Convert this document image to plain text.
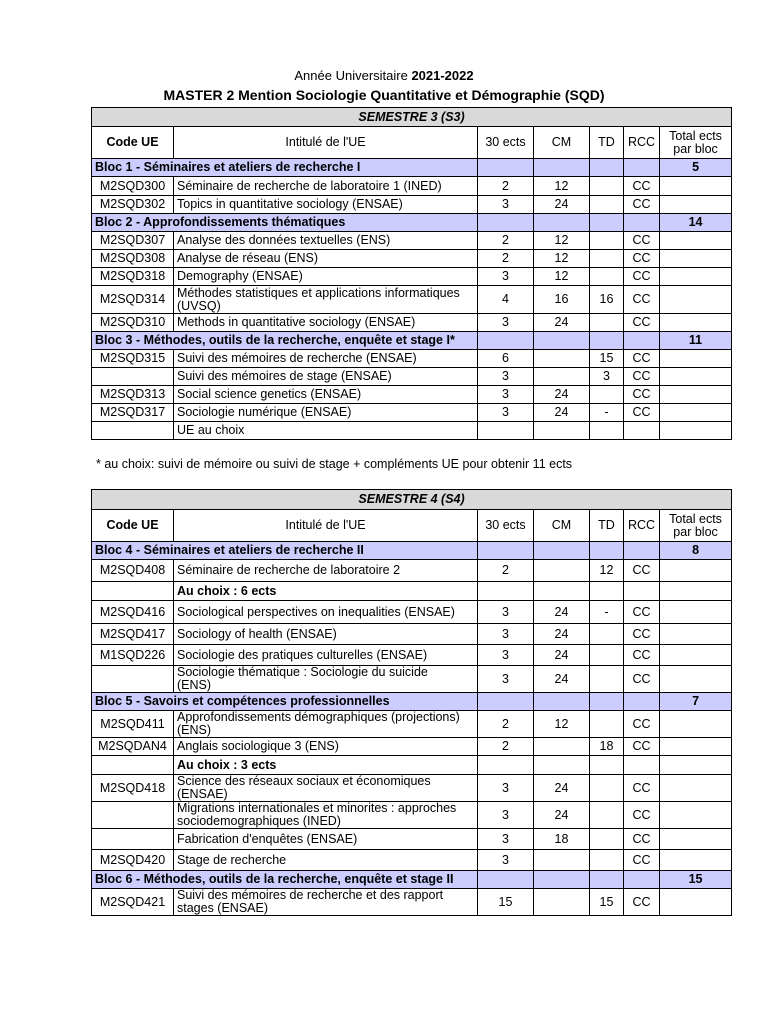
Année Universitaire 2021-2022
MASTER 2 Mention Sociologie Quantitative et Démographie (SQD)
SEMESTRE 3 (S3)						
Code UE	Intitulé de l'UE	30 ects	CM	TD	RCC	Total ects
par bloc

Bloc 1 - Séminaires et ateliers de recherche I						5
M2SQD300	Séminaire de recherche de laboratoire 1 (INED)	2	12		CC	
M2SQD302	Topics in quantitative sociology (ENSAE)	3	24		CC	
Bloc 2 - Approfondissements thématiques						14
M2SQD307	Analyse des données textuelles (ENS)	2	12		CC	
M2SQD308	Analyse de réseau (ENS)	2	12		CC	
M2SQD318	Demography (ENSAE)	3	12		CC	
M2SQD314	Méthodes statistiques et applications informatiques
(UVSQ)	4	16	16	CC	
M2SQD310	Methods in quantitative sociology (ENSAE)	3	24		CC	
Bloc 3 - Méthodes, outils de la recherche, enquête et stage I*						11
M2SQD315	Suivi des mémoires de recherche (ENSAE)	6		15	CC	
	Suivi des mémoires de stage (ENSAE)	3		3	CC	
M2SQD313	Social science genetics (ENSAE)	3	24		CC	
M2SQD317	Sociologie numérique (ENSAE)	3	24	-	CC	
	UE au choix					
* au choix: suivi de mémoire ou suivi de stage + compléments UE pour obtenir 11 ects
SEMESTRE 4 (S4)						
Code UE	Intitulé de l'UE	30 ects	CM	TD	RCC	Total ects
par bloc

Bloc 4 - Séminaires et ateliers de recherche II						8
M2SQD408	Séminaire de recherche de laboratoire 2	2		12	CC	
	Au choix : 6 ects					
M2SQD416	Sociological perspectives on inequalities (ENSAE)	3	24	-	CC	
M2SQD417	Sociology of health (ENSAE)	3	24		CC	
M1SQD226	Sociologie des pratiques culturelles (ENSAE)	3	24		CC	

	Sociologie thématique : Sociologie du suicide
(ENS)	3	24		CC	
Bloc 5 - Savoirs et compétences professionnelles						7
M2SQD411	Approfondissements démographiques (projections)
(ENS)	2	12		CC	
M2SQDAN4	Anglais sociologique 3 (ENS)	2		18	CC	
	Au choix : 3 ects					
M2SQD418	Science des réseaux sociaux et économiques
(ENSAE)	3	24		CC	

	Migrations internationales et minorites : approches
sociodemographiques (INED)	3	24		CC	
	Fabrication d'enquêtes (ENSAE)	3	18		CC	
M2SQD420	Stage de recherche	3			CC	
Bloc 6 - Méthodes, outils de la recherche, enquête et stage II						15
M2SQD421	Suivi des mémoires de recherche et des rapport
stages (ENSAE)	15		15	CC	
